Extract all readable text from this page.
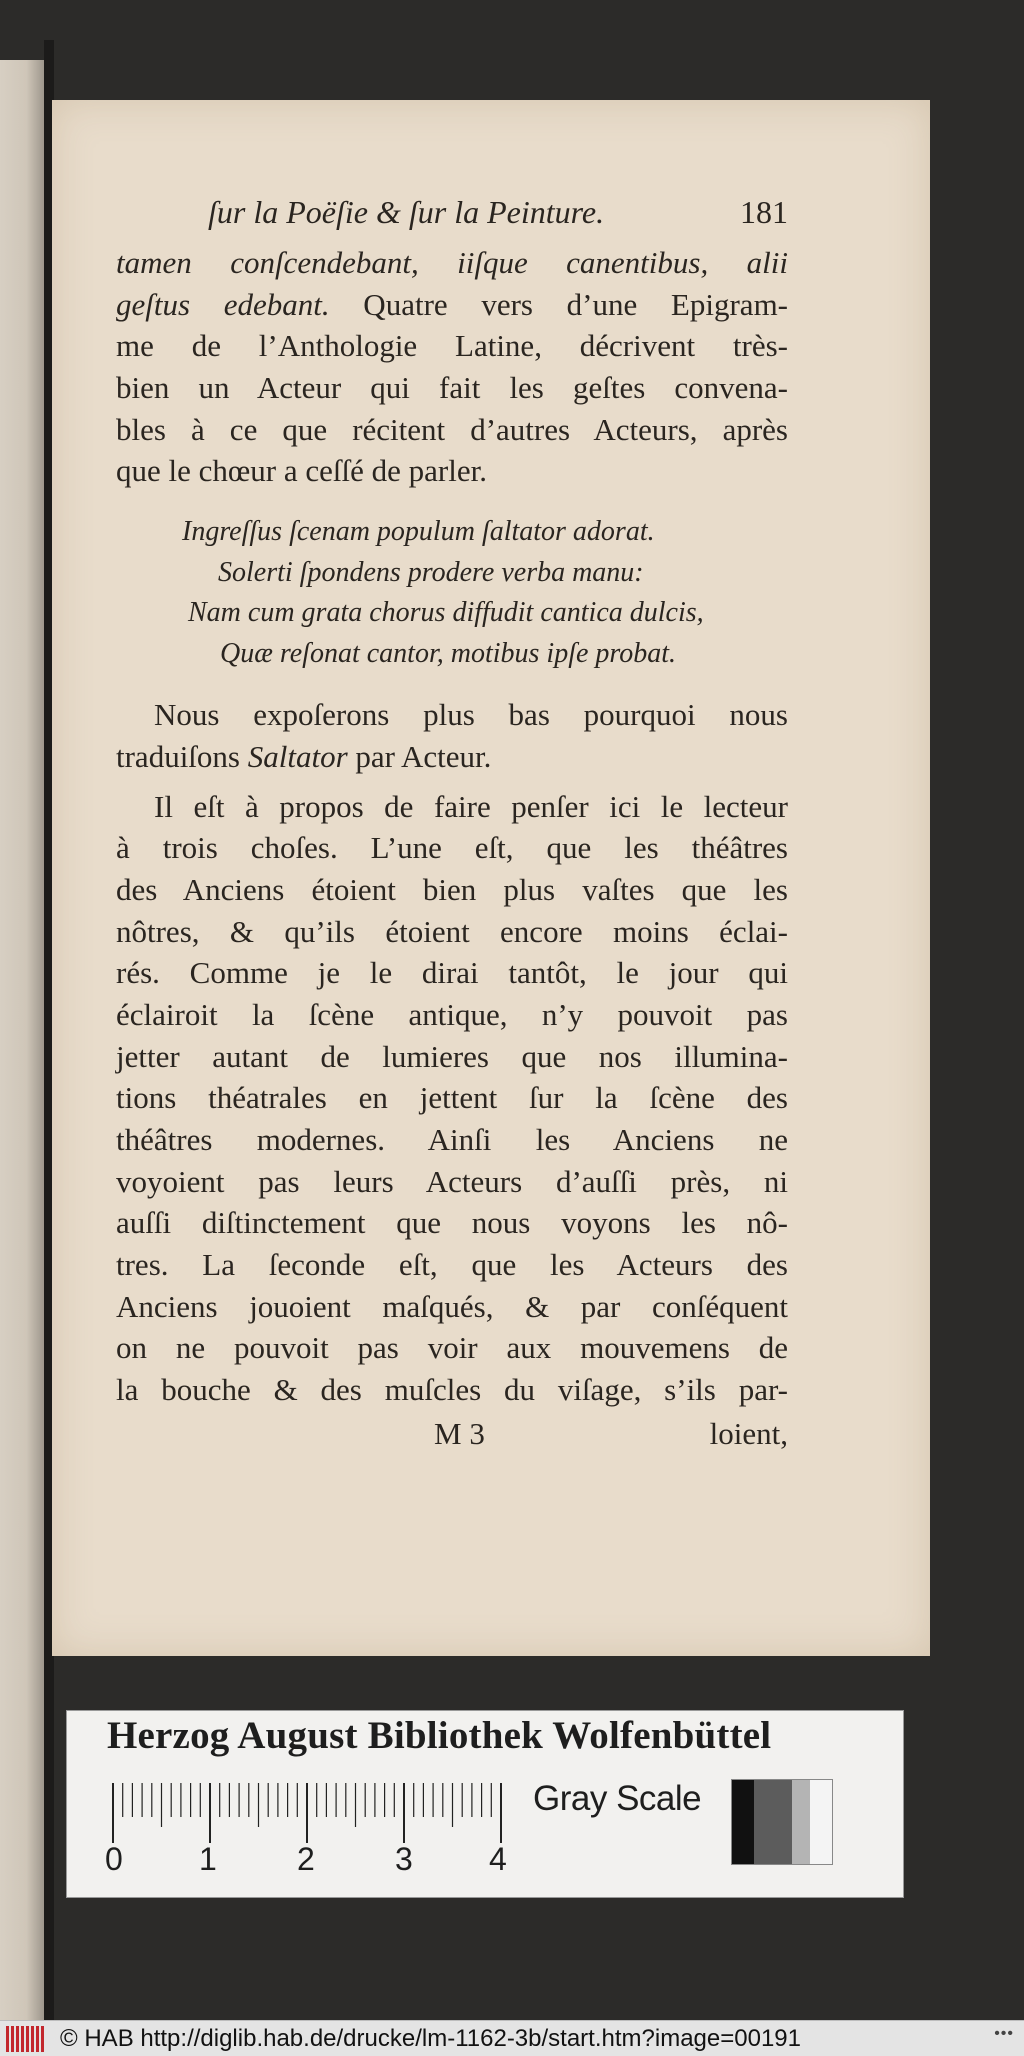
ſur la Poëſie & ſur la Peinture.	181
tamen conſcendebant, iiſque canentibus, alii
geſtus edebant. Quatre vers d’une Epigram-
me de l’Anthologie Latine, décrivent très-
bien un Acteur qui fait les geſtes convena-
bles à ce que récitent d’autres Acteurs, après
que le chœur a ceſſé de parler.
Ingreſſus ſcenam populum ſaltator adorat.
Solerti ſpondens prodere verba manu:
Nam cum grata chorus diffudit cantica dulcis,
Quæ reſonat cantor, motibus ipſe probat.
Nous expoſerons plus bas pourquoi nous
traduiſons Saltator par Acteur.
Il eſt à propos de faire penſer ici le lecteur
à trois choſes. L’une eſt, que les théâtres
des Anciens étoient bien plus vaſtes que les
nôtres, & qu’ils étoient encore moins éclai-
rés. Comme je le dirai tantôt, le jour qui
éclairoit la ſcène antique, n’y pouvoit pas
jetter autant de lumieres que nos illumina-
tions théatrales en jettent ſur la ſcène des
théâtres modernes. Ainſi les Anciens ne
voyoient pas leurs Acteurs d’auſſi près, ni
auſſi diſtinctement que nous voyons les nô-
tres. La ſeconde eſt, que les Acteurs des
Anciens jouoient maſqués, & par conſéquent
on ne pouvoit pas voir aux mouvemens de
la bouche & des muſcles du viſage, s’ils par-
M 3	loient,
Herzog August Bibliothek Wolfenbüttel
0 1	2	3 4
Gray Scale
© HAB http://diglib.hab.de/drucke/lm-1162-3b/start.htm?image=00191	•••
